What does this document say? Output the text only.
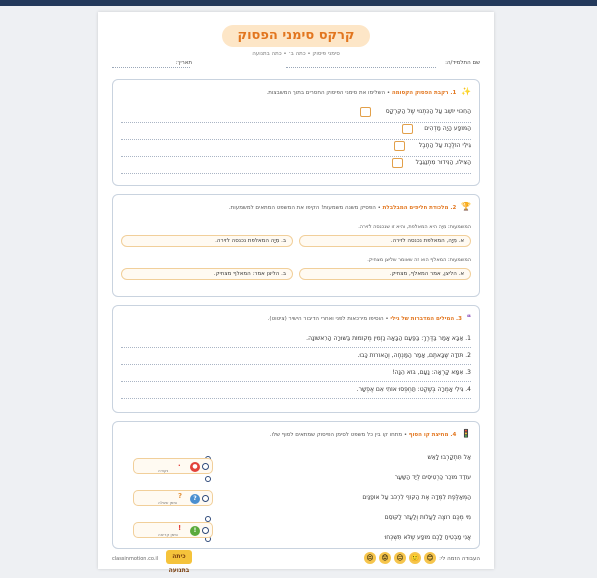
קרקס סימני הפסוק
סימני פיסוק • כתה ב׳ • כתה בתנועה
שם התלמיד/ה:
תאריך:
✨ 1. רקבת הפסוק הקסומה • השלימו את סימני הפיסוק החסרים בתוך המשבצות.
הַחִכּוּי יוֹשֵׁב עַל הַכִּתְנוּי שֶׁל הַקִּרְקָס
הַמּוֹפָע הָיָה מַדְהִים
גִּילִי הוֹלֶכֶת עַל הַחֶבֶל
הַצִּילוּ, הַנִּידוּר מִתְנַגֵּבַל
🏆 2. מלכודת חליפים המבלבלת • הפסיק משנה משמעות! הקיפו את המשפט המתאים למשמעות.
המשמעות: מִיָה היא המאלפת, והיא זו שנכנסה לזירה.
א. מִיָה, המאלפת נכנסה לזירה.
ב. מִיָה המאלפת נכנסה לזירה.
המשמעות: המאלף הוא זה שאומר שליצן מצחיק.
א. הליצן, אמר המאלף, מצחיק.
ב. הליצן אמר: המאלף מצחיק.
❝ 3. המילים המדברות של גילי • הוסיפו מירכאות לפני ואחרי הדיבור הישיר (ציטוט).
1. אַבָּא אָמַר בַּדֶּרֶךְ: בַּפַּעַם הַבָּאָה נַזְמִין מְקוֹמוֹת בַּשּׁוּרָה הָרִאשׁוֹנָה.
2. תּוֹדָה שֶׁבָּאתֶם, אָמַר הַמַּנְחֶה, וְהָאוֹרוֹת כָּבוּ.
3. אִמָּא קָרְאָה: נָעָם, בּוֹא הֵנָּה!
4. גִּילִי אָמְרָה בְּשֶׁקֶט: תַּחְפְּסוּ אוֹתִי אִם אֶפְשָׁר.
🚦 4. מחיצת קו הסוף • מתחו קו בין כל משפט לסימן הפיסוק שמתאים לסוף שלו.
אַל תִּתְקָרְבוּ לָאֵשׁ
עוֹדֵד מוֹכֵר כַּרְטִיסִים לְיַד הַשַּׁעַר
הַמְּאַלֶּפֶת לִמְּדָה אֶת הַקּוֹף לִרְכֹּב עַל אוֹפַנַּיִם
מִי מְכֶּם רוֹצֶה לַעֲלוֹת וְלַעֲזֹר לַקּוֹסֵם
אֲנִי מַבְטִיחַ לָכֶם מוֹפָע שֶׁלֹּא תִּשְׁכְּחוּ
●
.
נקודה
?
?
סימן שאלה
!
!
סימן קריאה
classinmotion.co.il	כיתה בתנועה
העבודה הזמה לי:
😊
🙂
😐
😟
😣
